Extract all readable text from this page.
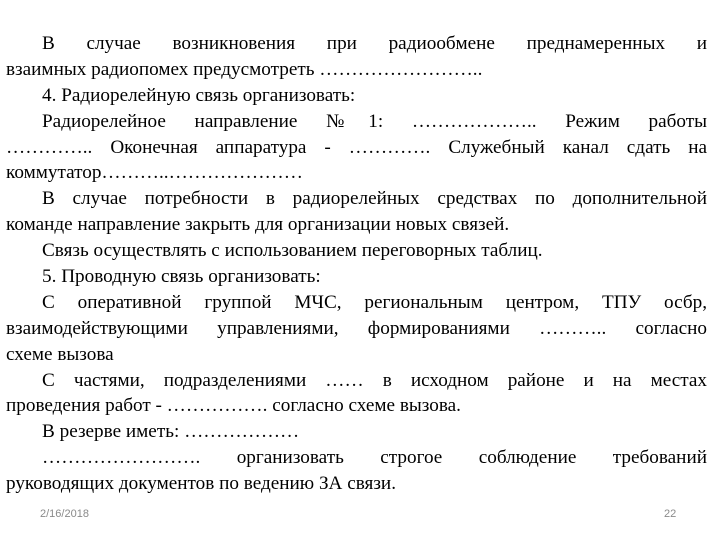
В случае возникновения при радиообмене преднамеренных и
взаимных радиопомех предусмотреть ……………………..
4. Радиорелейную связь организовать:
Радиорелейное направление №1: ……………….. Режим работы
………….. Оконечная аппаратура - …………. Служебный канал сдать на
коммутатор………..…………………
В случае потребности в радиорелейных средствах по дополнительной
команде направление закрыть для организации новых связей.
Связь осуществлять с использованием переговорных таблиц.
5. Проводную связь организовать:
С оперативной группой МЧС, региональным центром, ТПУ осбр,
взаимодействующими управлениями, формированиями ……….. согласно
схеме вызова
С частями, подразделениями …… в исходном районе и на местах
проведения работ - ……………. согласно схеме вызова.
В резерве иметь: ………………
……………………. организовать строгое соблюдение требований
руководящих документов по ведению ЗА связи.
2/16/2018	22
